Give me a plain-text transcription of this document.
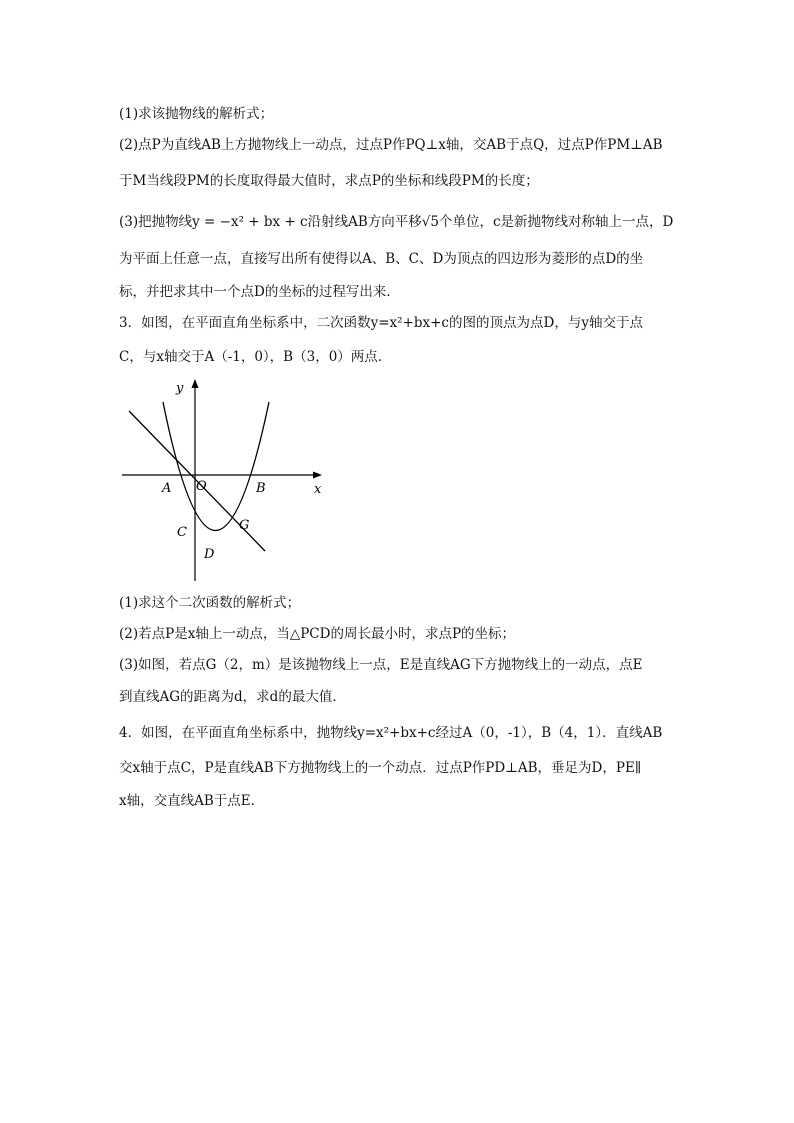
(1)求该抛物线的解析式；
(2)点P为直线AB上方抛物线上一动点，过点P作PQ⊥x轴，交AB于点Q，过点P作PM⊥AB
于M当线段PM的长度取得最大值时，求点P的坐标和线段PM的长度；
(3)把抛物线y = −x² + bx + c沿射线AB方向平移√5个单位，c是新抛物线对称轴上一点，D
为平面上任意一点，直接写出所有使得以A、B、C、D为顶点的四边形为菱形的点D的坐
标，并把求其中一个点D的坐标的过程写出来．
3．如图，在平面直角坐标系中，二次函数y=x²+bx+c的图的顶点为点D，与y轴交于点
C，与x轴交于A（-1，0），B（3，0）两点．
y
x
O
A	B
C
D
G
(1)求这个二次函数的解析式；
(2)若点P是x轴上一动点，当△PCD的周长最小时，求点P的坐标；
(3)如图，若点G（2，m）是该抛物线上一点，E是直线AG下方抛物线上的一动点，点E
到直线AG的距离为d，求d的最大值．
4．如图，在平面直角坐标系中，抛物线y=x²+bx+c经过A（0，-1），B（4，1）．直线AB
交x轴于点C，P是直线AB下方抛物线上的一个动点．过点P作PD⊥AB，垂足为D，PE∥
x轴，交直线AB于点E．
